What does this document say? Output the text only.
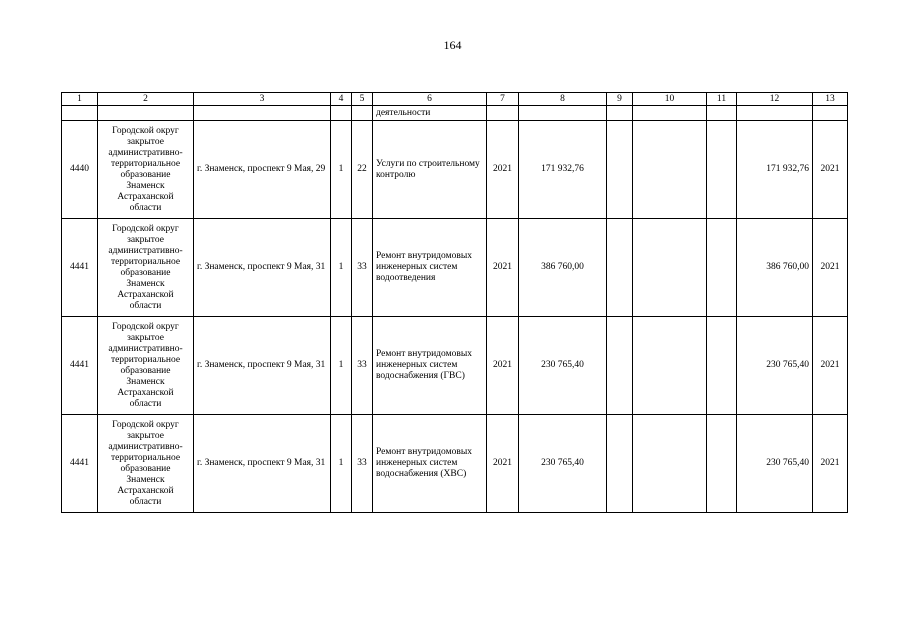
164
1	2	3	4	5	6	7	8	9	10	11	12	13
					деятельности							
4440	Городской округ закрытое административно-территориальное образование Знаменск Астраханской области	г. Знаменск, проспект 9 Мая, 29	1	22	Услуги по строительному контролю	2021	171 932,76				171 932,76	2021
4441	Городской округ закрытое административно-территориальное образование Знаменск Астраханской области	г. Знаменск, проспект 9 Мая, 31	1	33	Ремонт внутридомовых инженерных систем водоотведения	2021	386 760,00				386 760,00	2021
4441	Городской округ закрытое административно-территориальное образование Знаменск Астраханской области	г. Знаменск, проспект 9 Мая, 31	1	33	Ремонт внутридомовых инженерных систем водоснабжения (ГВС)	2021	230 765,40				230 765,40	2021
4441	Городской округ закрытое административно-территориальное образование Знаменск Астраханской области	г. Знаменск, проспект 9 Мая, 31	1	33	Ремонт внутридомовых инженерных систем водоснабжения (ХВС)	2021	230 765,40				230 765,40	2021
